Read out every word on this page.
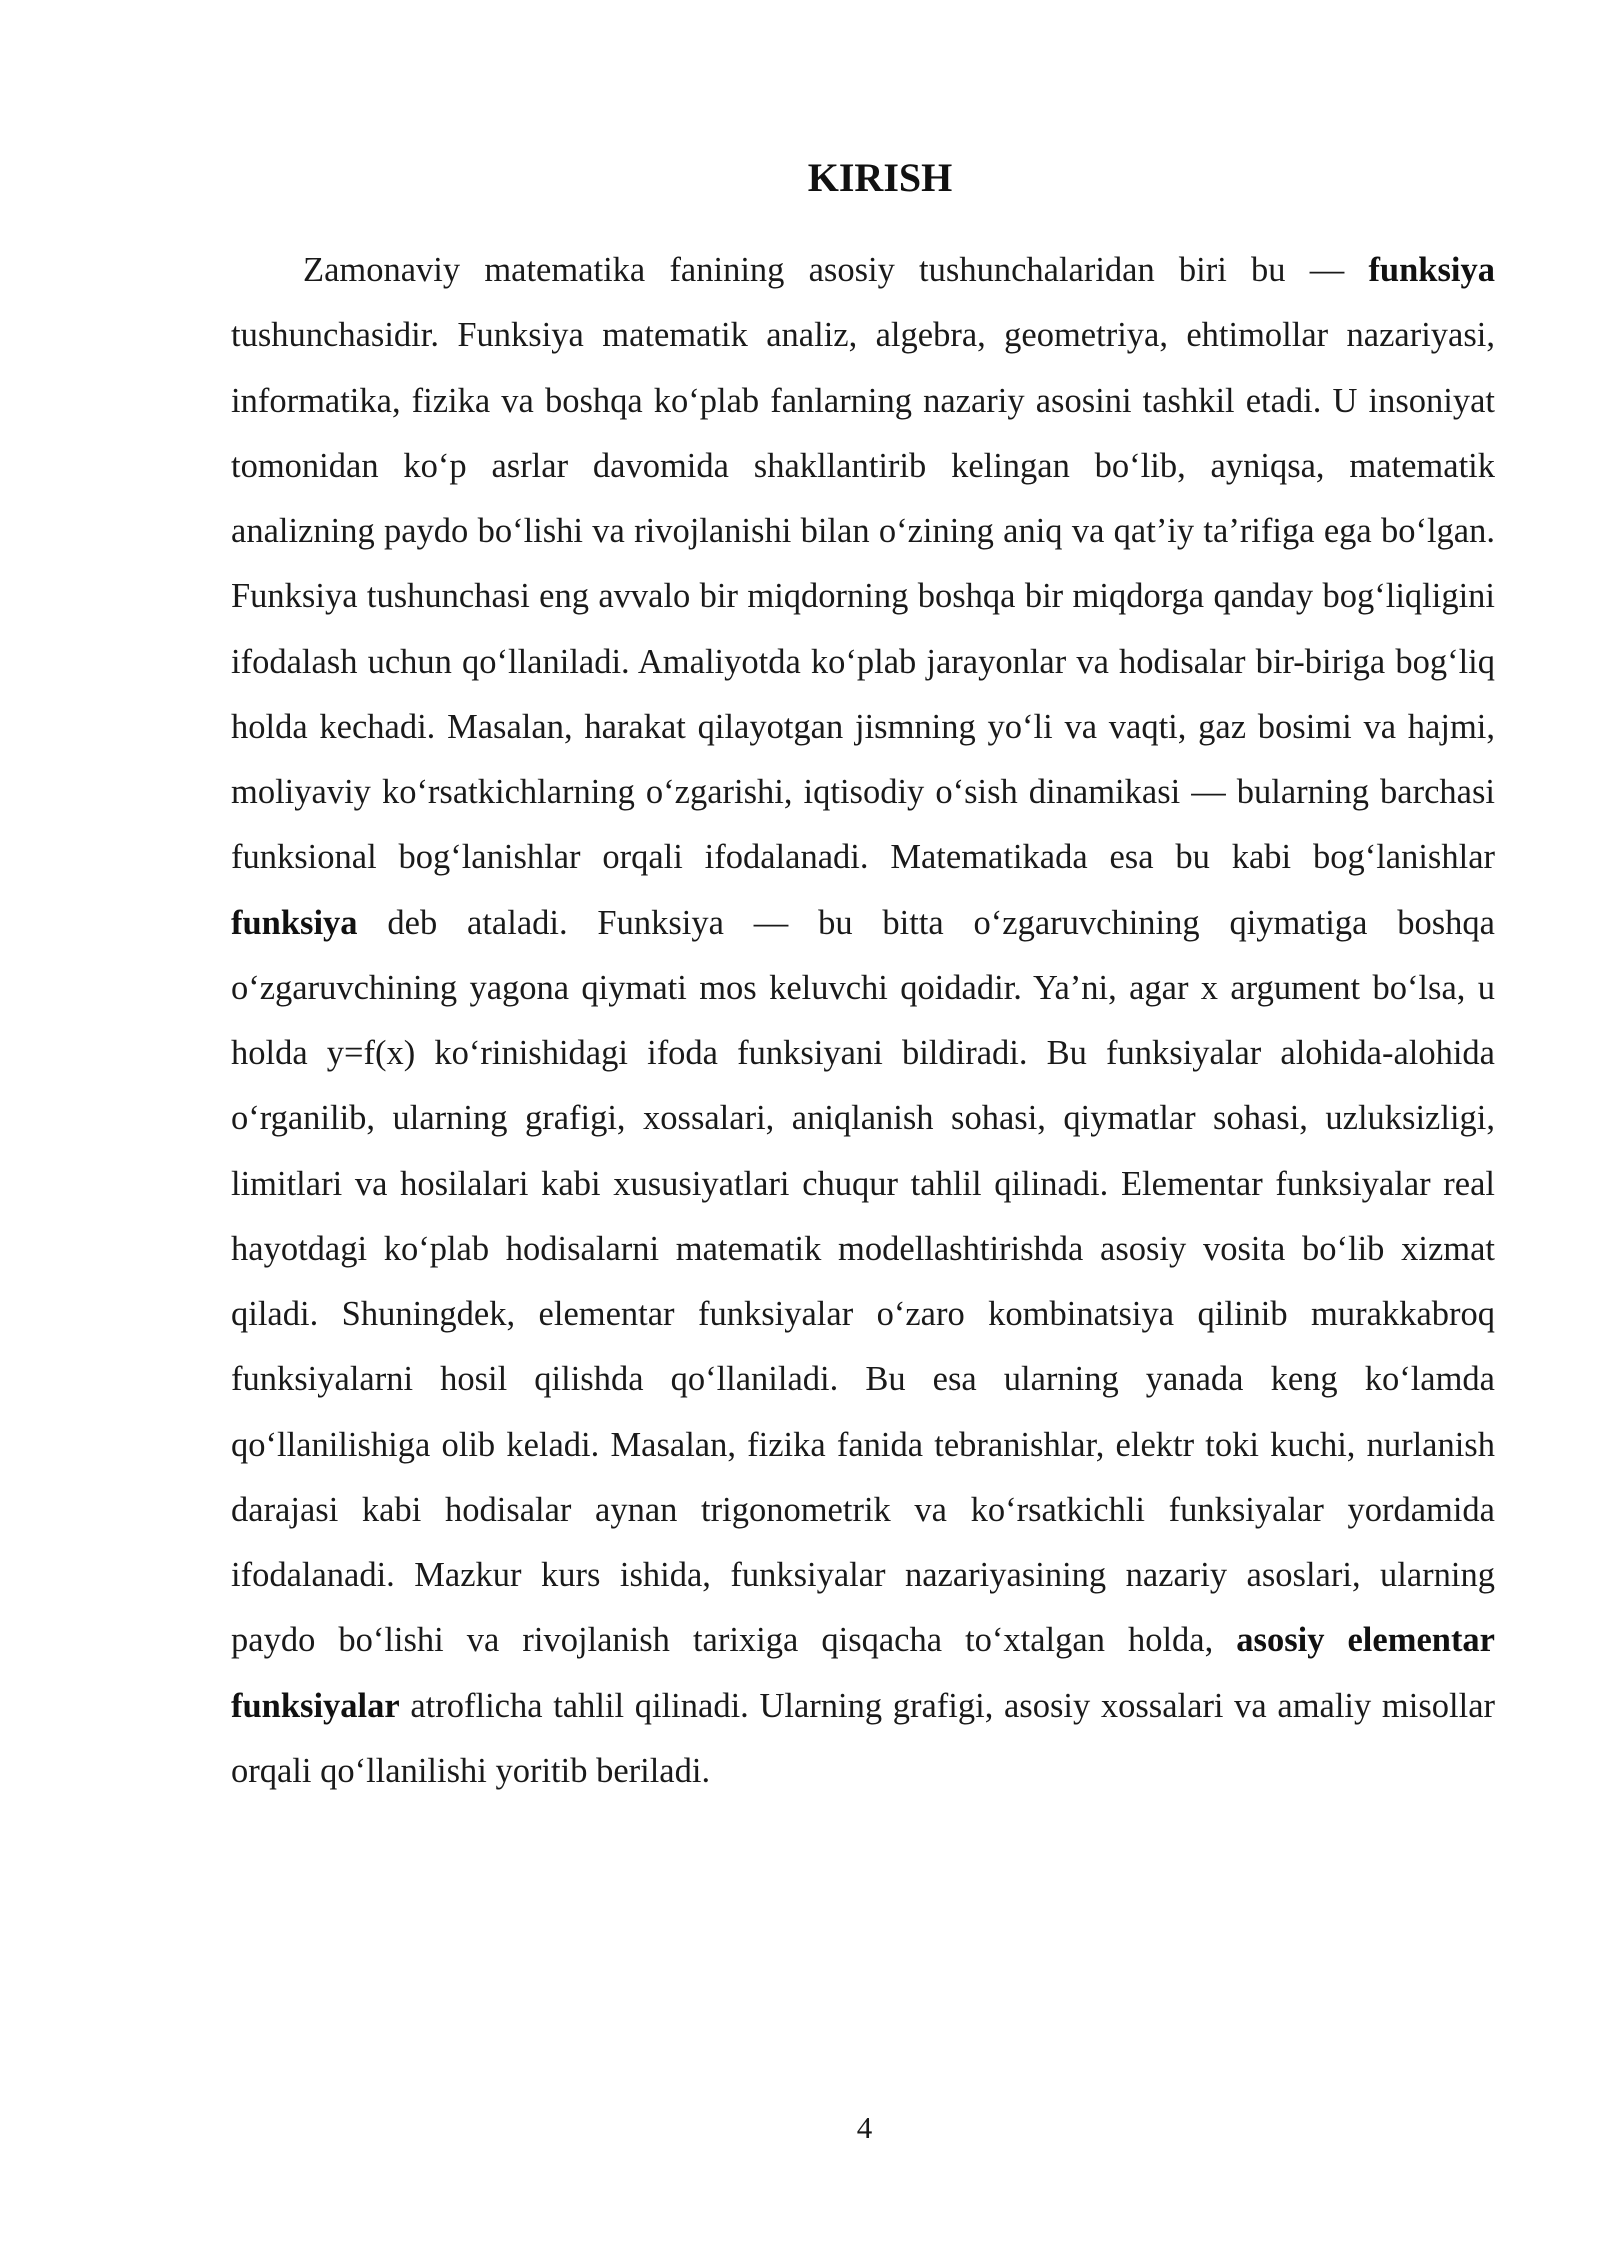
KIRISH

Zamonaviy matematika fanining asosiy tushunchalaridan biri bu — funksiya tushunchasidir. Funksiya matematik analiz, algebra, geometriya, ehtimollar nazariyasi, informatika, fizika va boshqa ko‘plab fanlarning nazariy asosini tashkil etadi. U insoniyat tomonidan ko‘p asrlar davomida shakllantirib kelingan bo‘lib, ayniqsa, matematik analizning paydo bo‘lishi va rivojlanishi bilan o‘zining aniq va qat’iy ta’rifiga ega bo‘lgan. Funksiya tushunchasi eng avvalo bir miqdorning boshqa bir miqdorga qanday bog‘liqligini ifodalash uchun qo‘llaniladi. Amaliyotda ko‘plab jarayonlar va hodisalar bir-biriga bog‘liq holda kechadi. Masalan, harakat qilayotgan jismning yo‘li va vaqti, gaz bosimi va hajmi, moliyaviy ko‘rsatkichlarning o‘zgarishi, iqtisodiy o‘sish dinamikasi — bularning barchasi funksional bog‘lanishlar orqali ifodalanadi. Matematikada esa bu kabi bog‘lanishlar funksiya deb ataladi. Funksiya — bu bitta o‘zgaruvchining qiymatiga boshqa o‘zgaruvchining yagona qiymati mos keluvchi qoidadir. Ya’ni, agar x argument bo‘lsa, u holda y=f(x) ko‘rinishidagi ifoda funksiyani bildiradi. Bu funksiyalar alohida-alohida o‘rganilib, ularning grafigi, xossalari, aniqlanish sohasi, qiymatlar sohasi, uzluksizligi, limitlari va hosilalari kabi xususiyatlari chuqur tahlil qilinadi. Elementar funksiyalar real hayotdagi ko‘plab hodisalarni matematik modellashtirishda asosiy vosita bo‘lib xizmat qiladi. Shuningdek, elementar funksiyalar o‘zaro kombinatsiya qilinib murakkabroq funksiyalarni hosil qilishda qo‘llaniladi. Bu esa ularning yanada keng ko‘lamda qo‘llanilishiga olib keladi. Masalan, fizika fanida tebranishlar, elektr toki kuchi, nurlanish darajasi kabi hodisalar aynan trigonometrik va ko‘rsatkichli funksiyalar yordamida ifodalanadi. Mazkur kurs ishida, funksiyalar nazariyasining nazariy asoslari, ularning paydo bo‘lishi va rivojlanish tarixiga qisqacha to‘xtalgan holda, asosiy elementar funksiyalar atroflicha tahlil qilinadi. Ularning grafigi, asosiy xossalari va amaliy misollar orqali qo‘llanilishi yoritib beriladi.

4
